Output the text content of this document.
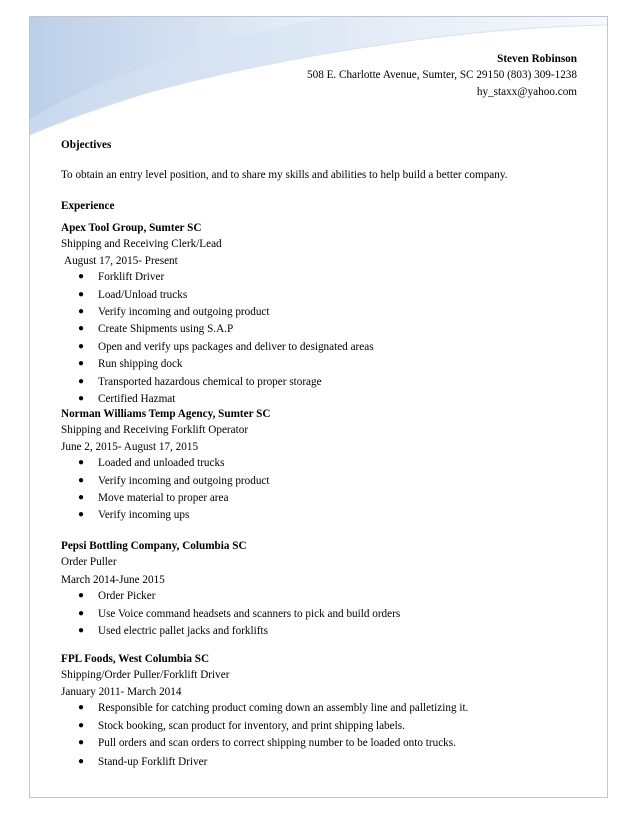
Steven Robinson
508 E. Charlotte Avenue, Sumter, SC 29150 (803) 309-1238
hy_staxx@yahoo.com
Objectives
To obtain an entry level position, and to share my skills and abilities to help build a better company.
Experience
Apex Tool Group, Sumter SC
Shipping and Receiving Clerk/Lead
August 17, 2015- Present
● Forklift Driver
● Load/Unload trucks
● Verify incoming and outgoing product
● Create Shipments using S.A.P
● Open and verify ups packages and deliver to designated areas
● Run shipping dock
● Transported hazardous chemical to proper storage
● Certified Hazmat
Norman Williams Temp Agency, Sumter SC
Shipping and Receiving Forklift Operator
June 2, 2015- August 17, 2015
● Loaded and unloaded trucks
● Verify incoming and outgoing product
● Move material to proper area
● Verify incoming ups
Pepsi Bottling Company, Columbia SC
Order Puller
March 2014-June 2015
● Order Picker
● Use Voice command headsets and scanners to pick and build orders
● Used electric pallet jacks and forklifts
FPL Foods, West Columbia SC
Shipping/Order Puller/Forklift Driver
January 2011- March 2014
● Responsible for catching product coming down an assembly line and palletizing it.
● Stock booking, scan product for inventory, and print shipping labels.
● Pull orders and scan orders to correct shipping number to be loaded onto trucks.
● Stand-up Forklift Driver
